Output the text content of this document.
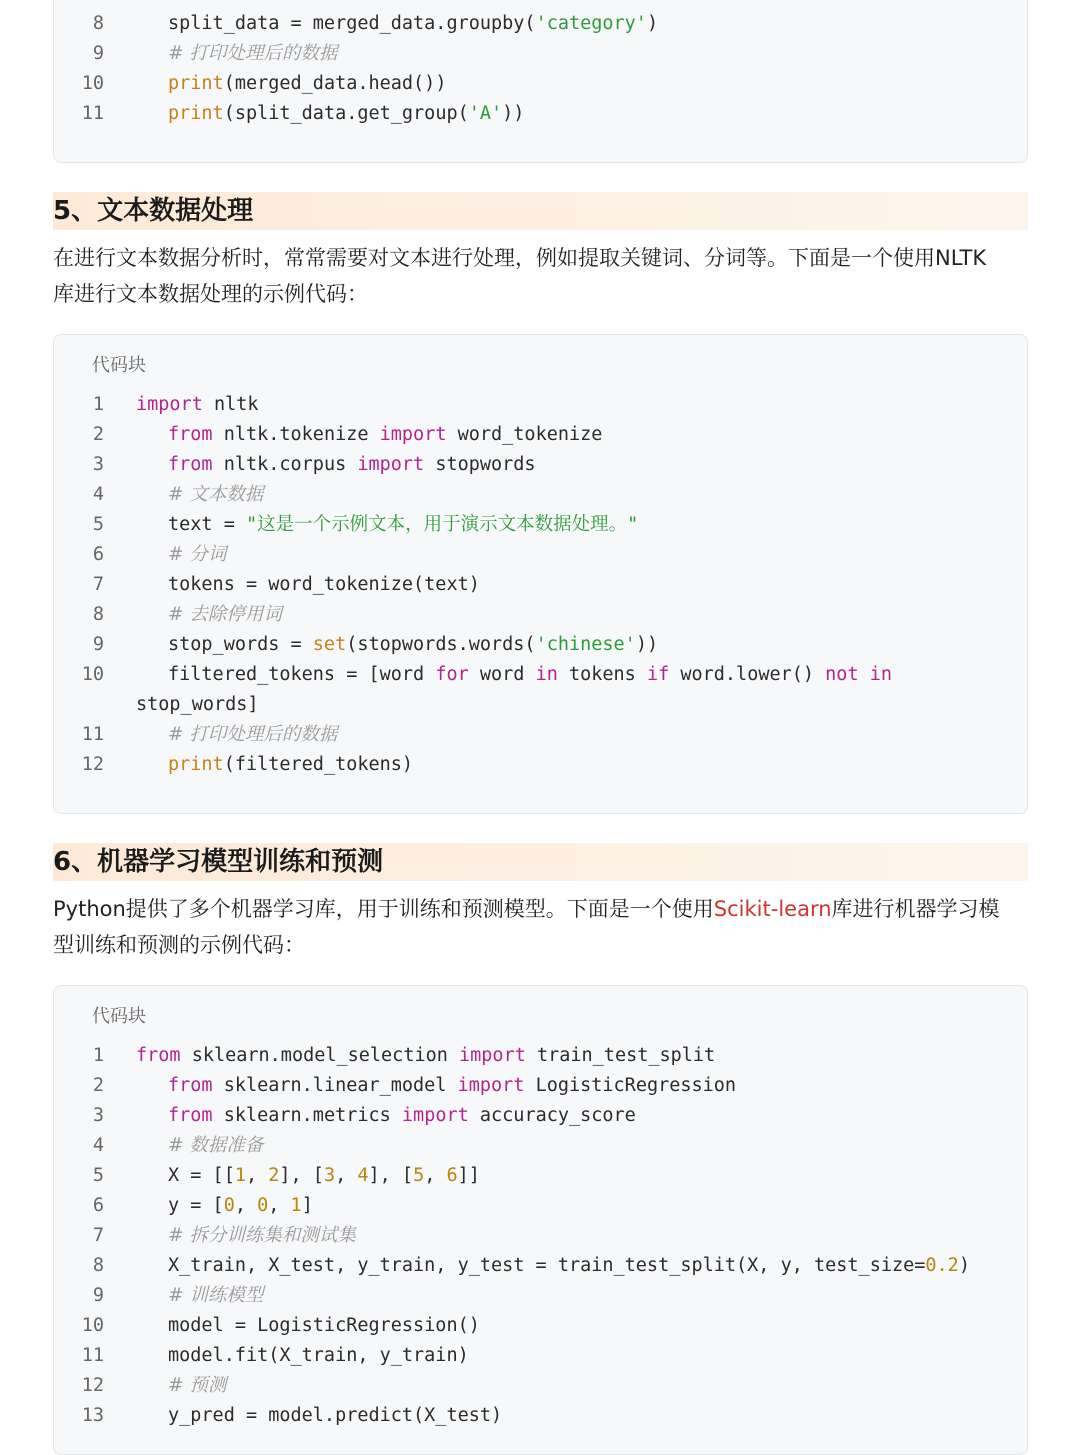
8	split_data = merged_data.groupby('category')
9	# 打印处理后的数据
10	print(merged_data.head())
11	print(split_data.get_group('A'))
5、文本数据处理
在进行文本数据分析时，常常需要对文本进行处理，例如提取关键词、分词等。下面是一个使用NLTK
库进行文本数据处理的示例代码：
代码块
1 import nltk
2	from nltk.tokenize import word_tokenize
3	from nltk.corpus import stopwords
4	# 文本数据
5	text = "这是一个示例文本，用于演示文本数据处理。"
6	# 分词
7	tokens = word_tokenize(text)
8	# 去除停用词
9	stop_words = set(stopwords.words('chinese'))
10	filtered_tokens = [word for word in tokens if word.lower() not in
stop_words]
11	# 打印处理后的数据
12	print(filtered_tokens)
6、机器学习模型训练和预测
Python提供了多个机器学习库，用于训练和预测模型。下面是一个使用Scikit-learn库进行机器学习模
型训练和预测的示例代码：
代码块
1 from sklearn.model_selection import train_test_split
2	from sklearn.linear_model import LogisticRegression
3	from sklearn.metrics import accuracy_score
4	# 数据准备
5	X = [[1, 2], [3, 4], [5, 6]]
6	y = [0, 0, 1]
7	# 拆分训练集和测试集
8	X_train, X_test, y_train, y_test = train_test_split(X, y, test_size=0.2)
9	# 训练模型
10	model = LogisticRegression()
11	model.fit(X_train, y_train)
12	# 预测
13	y_pred = model.predict(X_test)
